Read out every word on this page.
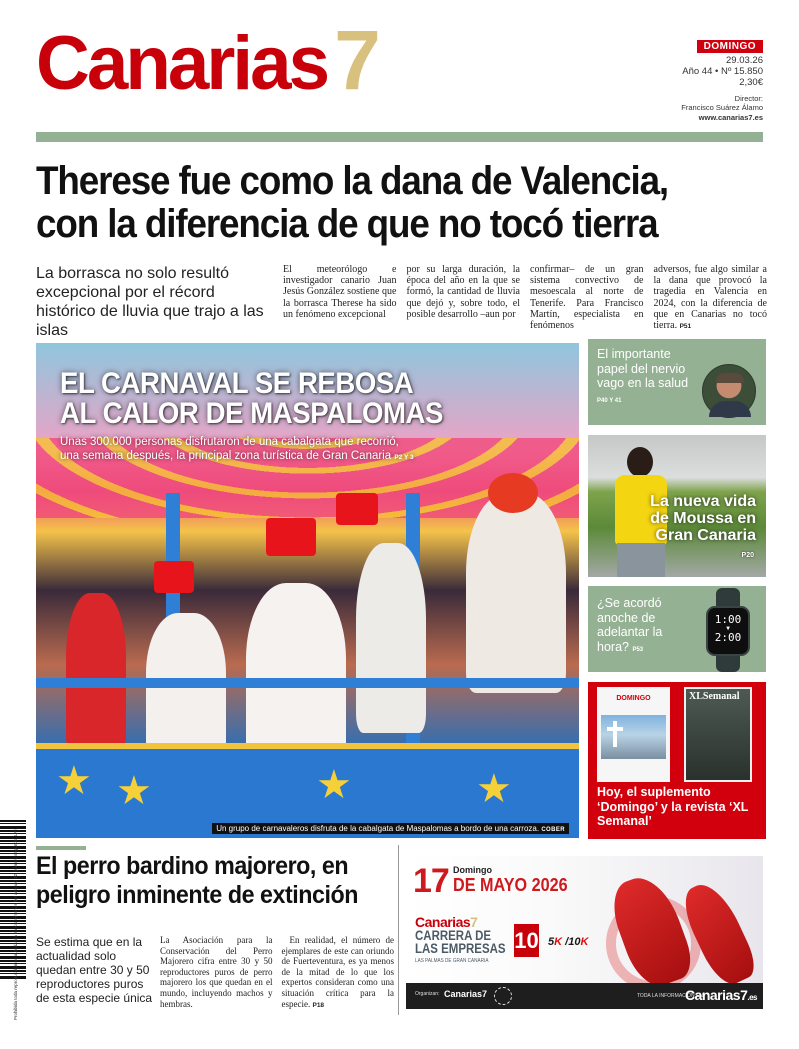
Canarias 7	DOMINGO
29.03.26
Año 44 • Nº 15.850
2,30€
Director:
Francisco Suárez Álamo
www.canarias7.es
Therese fue como la dana de Valencia,
con la diferencia de que no tocó tierra

La borrasca no solo resultó excepcional por el récord histórico de lluvia que trajo a las islas

El meteorólogo e investigador canario Juan Jesús González sostiene que la borrasca Therese ha sido un fenómeno excepcional

por su larga duración, la época del año en la que se formó, la cantidad de lluvia que dejó y, sobre todo, el posible desarrollo –aun por

confirmar– de un gran sistema convectivo de mesoescala al norte de Tenerife. Para Francisco Martín, especialista en fenómenos

adversos, fue algo similar a la dana que provocó la tragedia en Valencia en 2024, con la diferencia de que en Canarias no tocó tierra. P51

★ ★	★	★
EL CARNAVAL SE REBOSA
AL CALOR DE MASPALOMAS
Unas 300.000 personas disfrutaron de una cabalgata que recorrió,
una semana después, la principal zona turística de Gran Canaria P2 Y 3
Un grupo de carnavaleros disfruta de la cabalgata de Maspalomas a bordo de una carroza. COBER
El importante papel del nervio vago en la salud P40 Y 41
La nueva vida
de Moussa en
Gran Canaria
P20
¿Se acordó anoche de adelantar la hora? P53
1:00
▼
2:00
DOMINGO	XLSemanal
Hoy, el suplemento ‘Domingo’ y la revista ‘XL Semanal’
Prohibida toda reproducción no autorizada en los términos del artículo 32, párrafo segundo, LPI. El perro bardino majorero, en
peligro inminente de extinción

Se estima que en la actualidad solo quedan entre 30 y 50 reproductores puros de esta especie única

La Asociación para la Conservación del Perro Majorero cifra entre 30 y 50 reproductores puros de perro majorero los que quedan en el mundo, incluyendo machos y hembras.

En realidad, el número de ejemplares de este can oriundo de Fuerteventura, es ya menos de la mitad de lo que los expertos consideran como una situación crítica para la especie. P18

17 Domingo
DE MAYO 2026
Canarias7
CARRERA DE
LAS EMPRESAS
LAS PALMAS DE GRAN CANARIA
10 5K /10K
Organizan: Canarias7	TODA LA INFORMACIÓN EN
Canarias7.es
